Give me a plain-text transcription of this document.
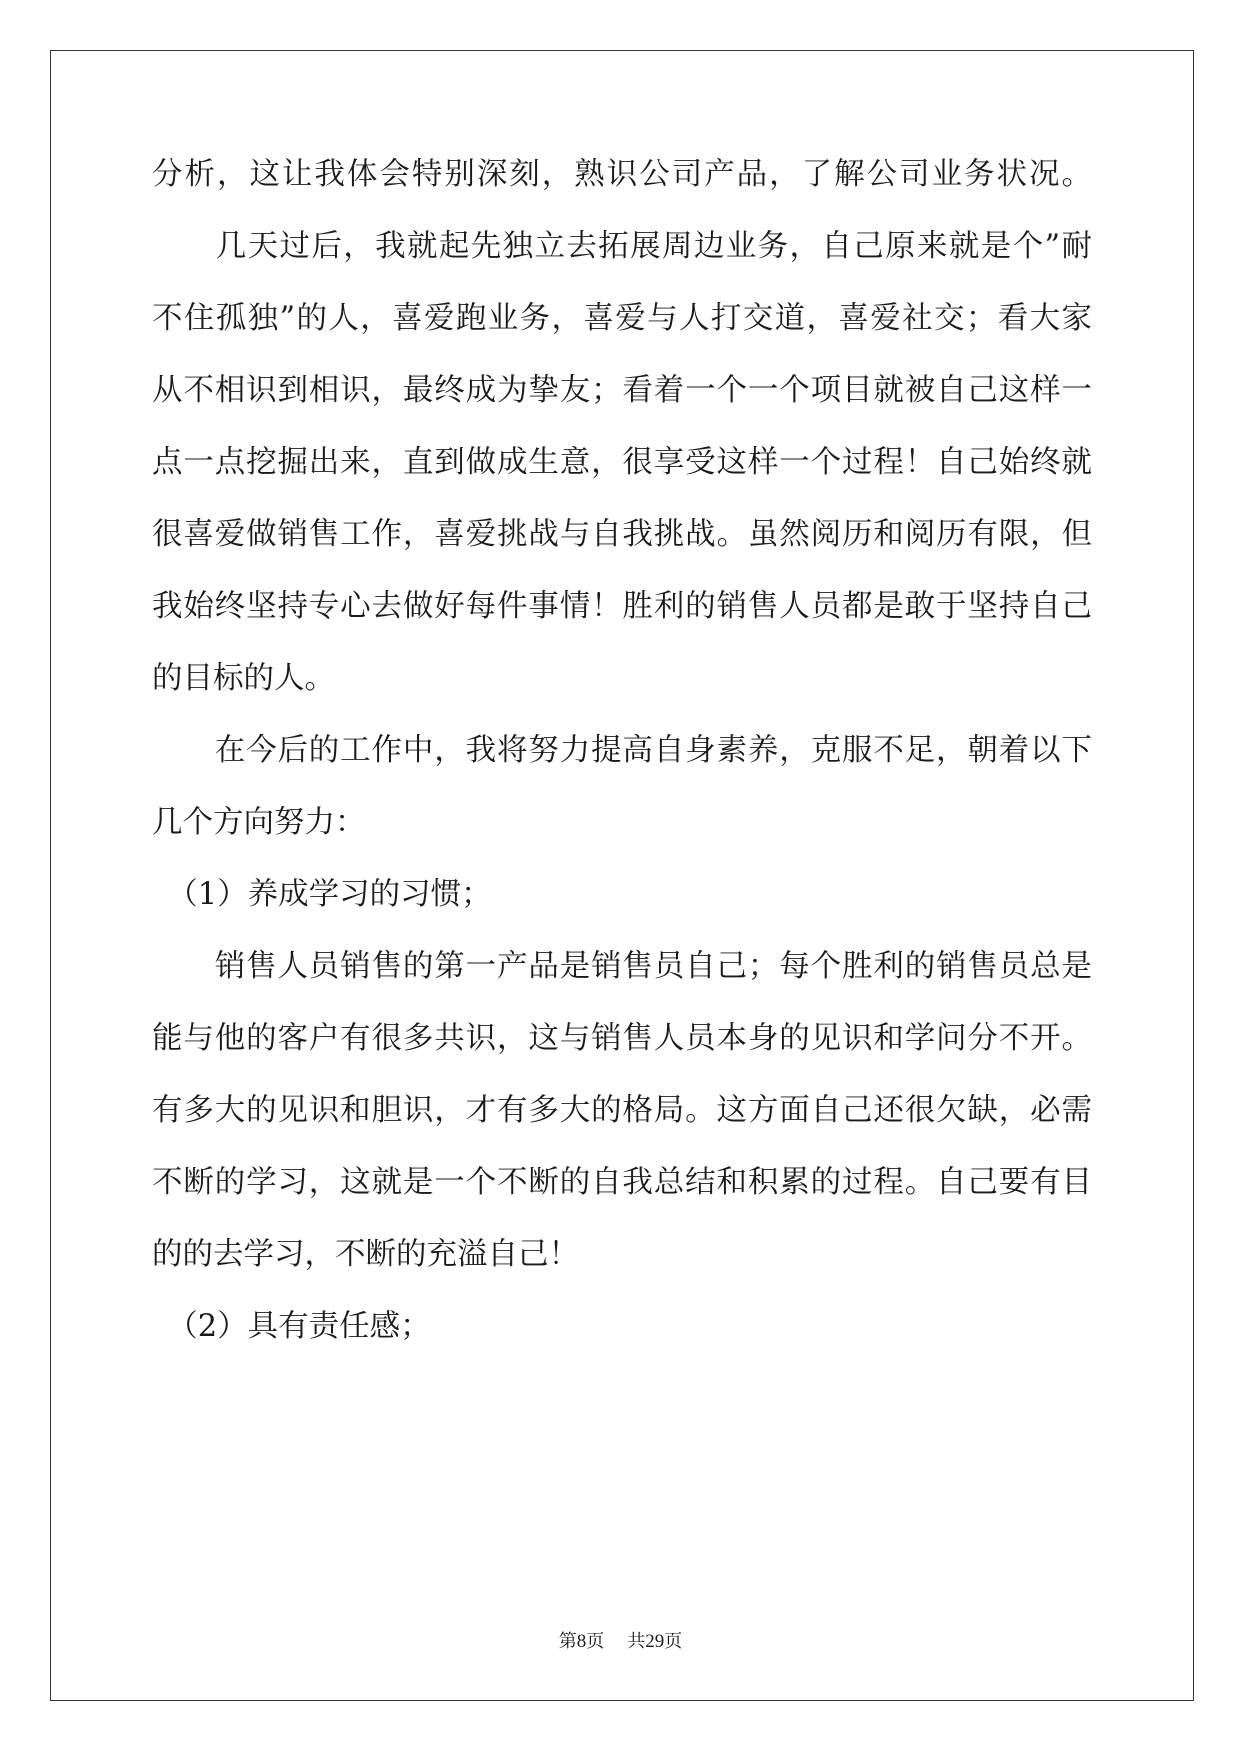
分析，这让我体会特别深刻，熟识公司产品，了解公司业务状况。
　　几天过后，我就起先独立去拓展周边业务，自己原来就是个”耐
不住孤独”的人，喜爱跑业务，喜爱与人打交道，喜爱社交；看大家
从不相识到相识，最终成为挚友；看着一个一个项目就被自己这样一
点一点挖掘出来，直到做成生意，很享受这样一个过程！自己始终就
很喜爱做销售工作，喜爱挑战与自我挑战。虽然阅历和阅历有限，但
我始终坚持专心去做好每件事情！胜利的销售人员都是敢于坚持自己
的目标的人。
　　在今后的工作中，我将努力提高自身素养，克服不足，朝着以下
几个方向努力：
　（1）养成学习的习惯；
　　销售人员销售的第一产品是销售员自己；每个胜利的销售员总是
能与他的客户有很多共识，这与销售人员本身的见识和学问分不开。
有多大的见识和胆识，才有多大的格局。这方面自己还很欠缺，必需
不断的学习，这就是一个不断的自我总结和积累的过程。自己要有目
的的去学习，不断的充溢自己！
　（2）具有责任感；
第8页 共29页
